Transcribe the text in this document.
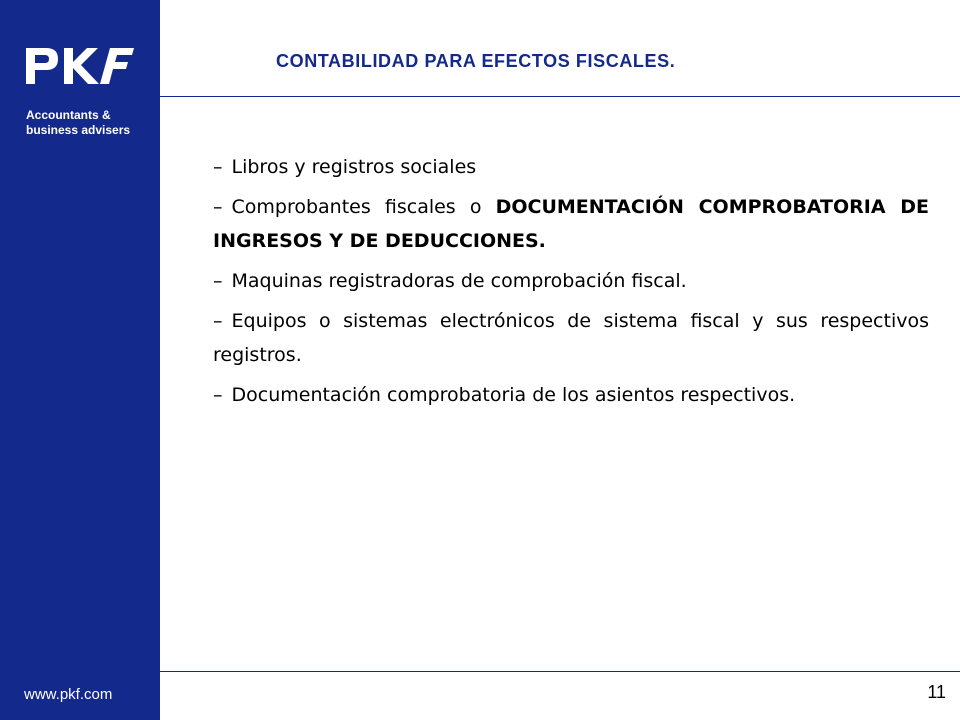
Accountants &
business advisers
www.pkf.com
CONTABILIDAD PARA EFECTOS FISCALES.

– Libros y registros sociales

– Comprobantes fiscales o DOCUMENTACIÓN COMPROBATORIA DE INGRESOS Y DE DEDUCCIONES.

– Maquinas registradoras de comprobación fiscal.

– Equipos o sistemas electrónicos de sistema fiscal y sus respectivos registros.

– Documentación comprobatoria de los asientos respectivos.

11
